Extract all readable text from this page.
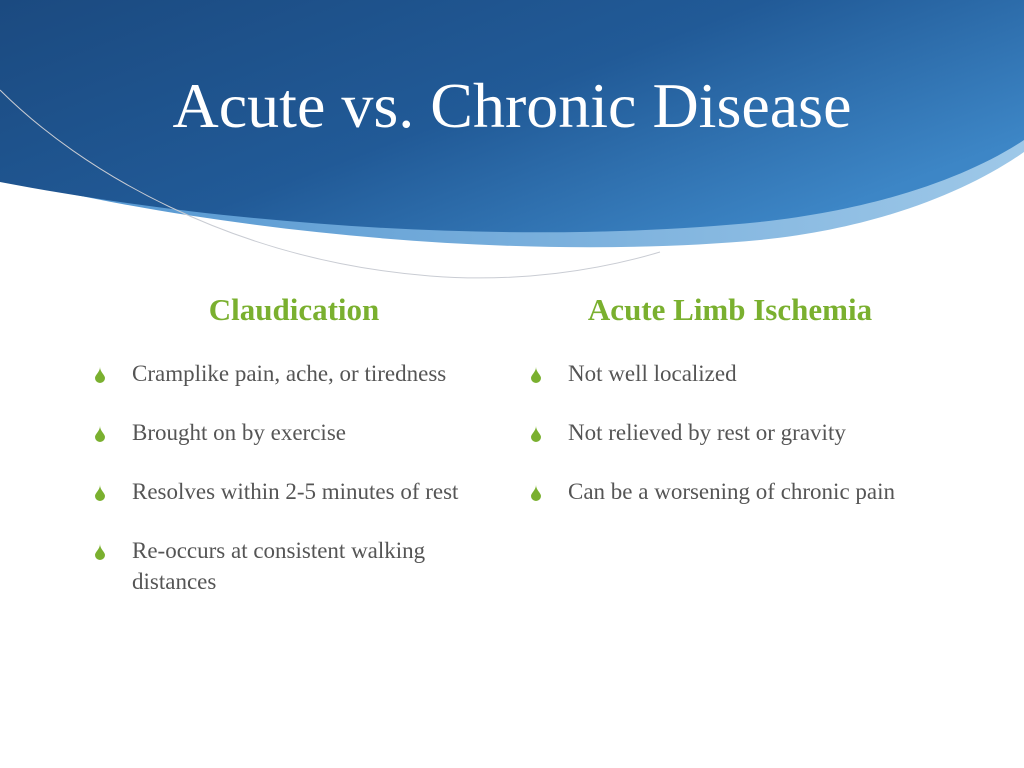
Acute vs. Chronic Disease
Claudication
Cramplike pain, ache, or tiredness
Brought on by exercise
Resolves within 2-5 minutes of rest
Re-occurs at consistent walking distances
Acute Limb Ischemia
Not well localized
Not relieved by rest or gravity
Can be a worsening of chronic pain
